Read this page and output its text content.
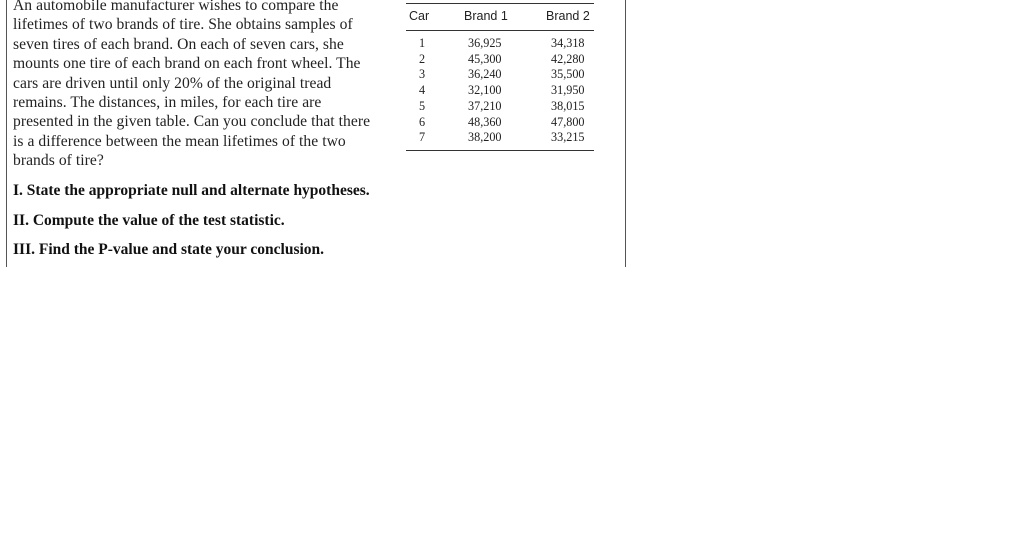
An automobile manufacturer wishes to compare the
lifetimes of two brands of tire. She obtains samples of
seven tires of each brand. On each of seven cars, she
mounts one tire of each brand on each front wheel. The
cars are driven until only 20% of the original tread
remains. The distances, in miles, for each tire are
presented in the given table. Can you conclude that there
is a difference between the mean lifetimes of the two
brands of tire?
I. State the appropriate null and alternate hypotheses.
II. Compute the value of the test statistic.
III. Find the P-value and state your conclusion.
Car	Brand 1	Brand 2
1
2
3
4
5
6
7
36,925
45,300
36,240
32,100
37,210
48,360
38,200
34,318
42,280
35,500
31,950
38,015
47,800
33,215
